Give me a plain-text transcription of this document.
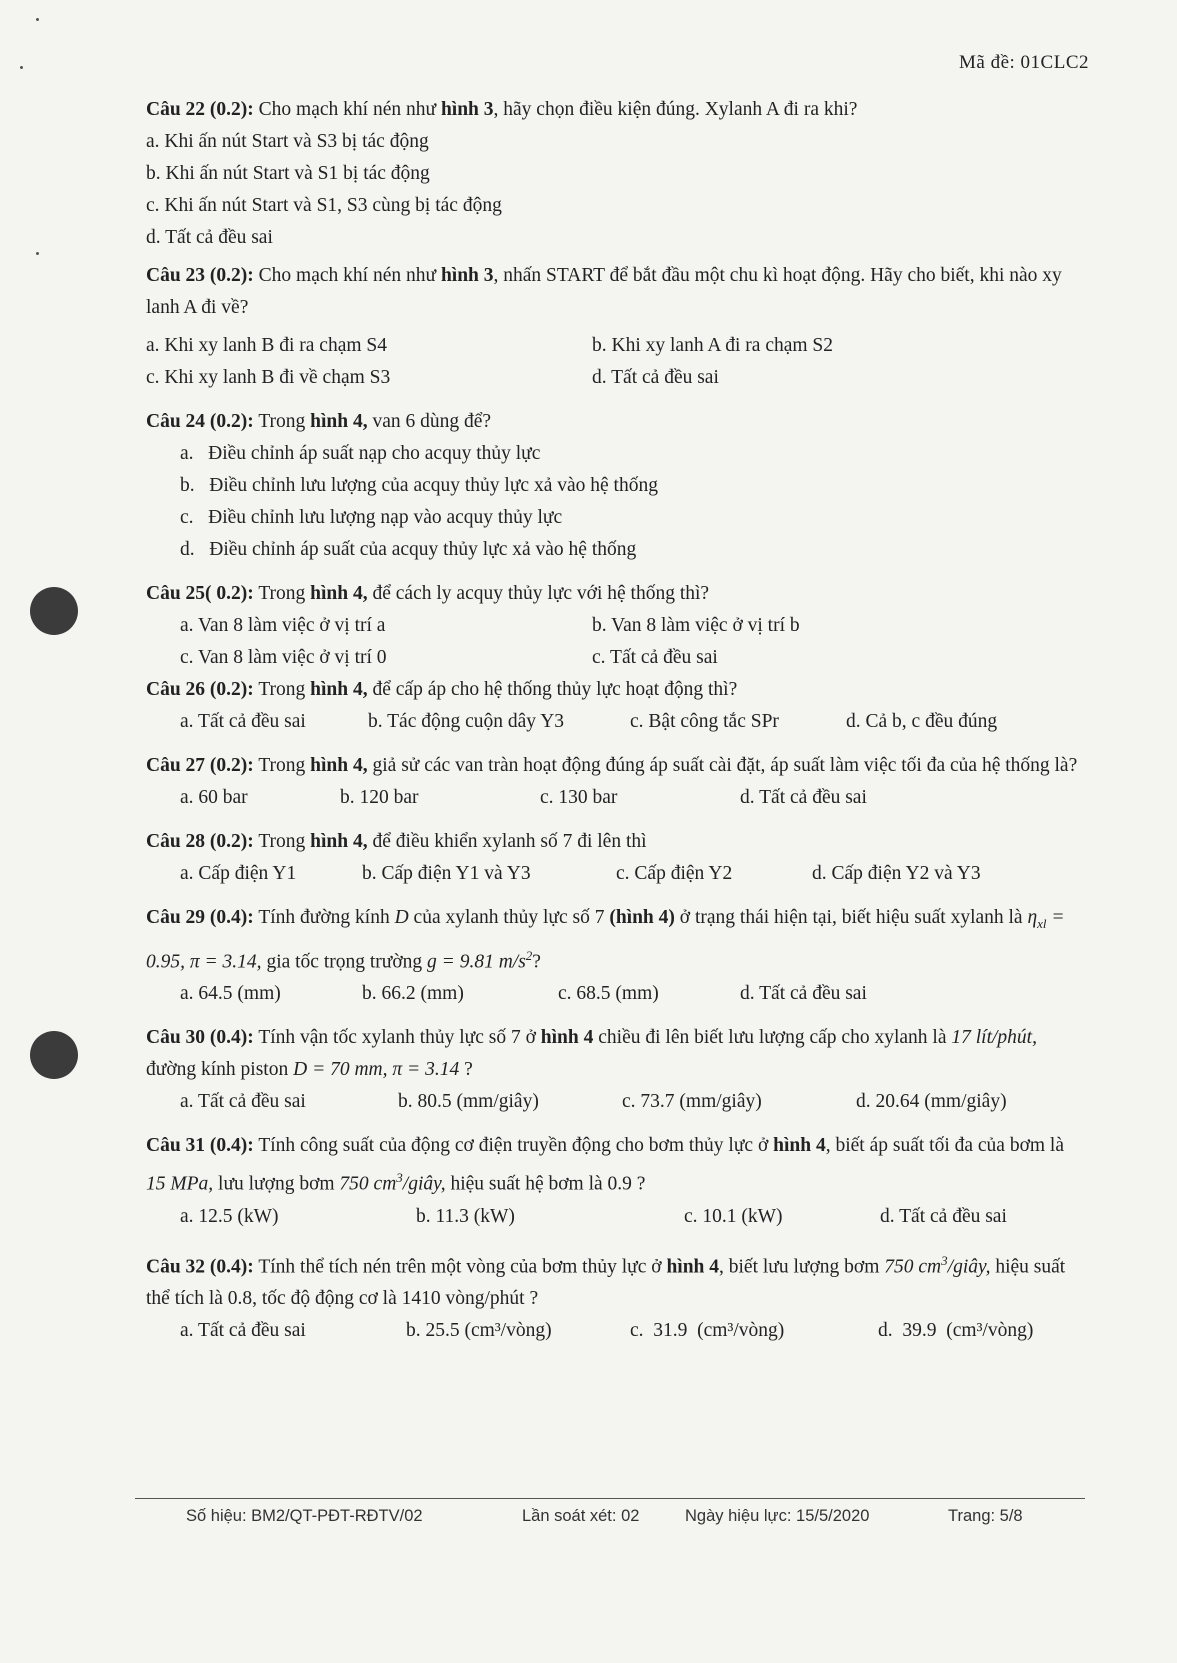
Mã đề: 01CLC2

Câu 22 (0.2): Cho mạch khí nén như hình 3, hãy chọn điều kiện đúng. Xylanh A đi ra khi?

a. Khi ấn nút Start và S3 bị tác động

b. Khi ấn nút Start và S1 bị tác động

c. Khi ấn nút Start và S1, S3 cùng bị tác động

d. Tất cả đều sai

Câu 23 (0.2): Cho mạch khí nén như hình 3, nhấn START để bắt đầu một chu kì hoạt động. Hãy cho biết, khi nào xy lanh A đi về?

a. Khi xy lanh B đi ra chạm S4	b. Khi xy lanh A đi ra chạm S2
c. Khi xy lanh B đi về chạm S3	d. Tất cả đều sai

Câu 24 (0.2): Trong hình 4, van 6 dùng để?

a.   Điều chỉnh áp suất nạp cho acquy thủy lực

b.   Điều chỉnh lưu lượng của acquy thủy lực xả vào hệ thống

c.   Điều chỉnh lưu lượng nạp vào acquy thủy lực

d.   Điều chỉnh áp suất của acquy thủy lực xả vào hệ thống

Câu 25( 0.2): Trong hình 4, để cách ly acquy thủy lực với hệ thống thì?

a. Van 8 làm việc ở vị trí a	b. Van 8 làm việc ở vị trí b
c. Van 8 làm việc ở vị trí 0	c. Tất cả đều sai

Câu 26 (0.2): Trong hình 4, để cấp áp cho hệ thống thủy lực hoạt động thì?

a. Tất cả đều sai	b. Tác động cuộn dây Y3	c. Bật công tắc SPr	d. Cả b, c đều đúng

Câu 27 (0.2): Trong hình 4, giả sử các van tràn hoạt động đúng áp suất cài đặt, áp suất làm việc tối đa của hệ thống là?

a. 60 bar	b. 120 bar	c. 130 bar	d. Tất cả đều sai

Câu 28 (0.2): Trong hình 4, để điều khiển xylanh số 7 đi lên thì

a. Cấp điện Y1	b. Cấp điện Y1 và Y3	c. Cấp điện Y2	d. Cấp điện Y2 và Y3

Câu 29 (0.4): Tính đường kính D của xylanh thủy lực số 7 (hình 4) ở trạng thái hiện tại, biết hiệu suất xylanh là $\eta_{xl} = 0.95$, π = 3.14, gia tốc trọng trường g = 9.81 $m/s^2$?

a. 64.5 (mm)	b. 66.2 (mm)	c. 68.5 (mm)	d. Tất cả đều sai

Câu 30 (0.4): Tính vận tốc xylanh thủy lực số 7 ở hình 4 chiều đi lên biết lưu lượng cấp cho xylanh là 17 lít/phút, đường kính piston D = 70 mm, π = 3.14 ?

a. Tất cả đều sai	b. 80.5 (mm/giây)	c. 73.7 (mm/giây)	d. 20.64 (mm/giây)

Câu 31 (0.4): Tính công suất của động cơ điện truyền động cho bơm thủy lực ở hình 4, biết áp suất tối đa của bơm là 15 MPa, lưu lượng bơm 750 $cm^3$/giây, hiệu suất hệ bơm là 0.9 ?

a. 12.5 (kW)	b. 11.3 (kW)	c. 10.1 (kW)	d. Tất cả đều sai

Câu 32 (0.4): Tính thể tích nén trên một vòng của bơm thủy lực ở hình 4, biết lưu lượng bơm 750 $cm^3$/giây, hiệu suất thể tích là 0.8, tốc độ động cơ là 1410 vòng/phút ?

a. Tất cả đều sai	b. 25.5 (cm³/vòng)	c.  31.9  (cm³/vòng)	d.  39.9  (cm³/vòng)
Số hiệu: BM2/QT-PĐT-RĐTV/02	Lần soát xét: 02	Ngày hiệu lực: 15/5/2020	Trang: 5/8
